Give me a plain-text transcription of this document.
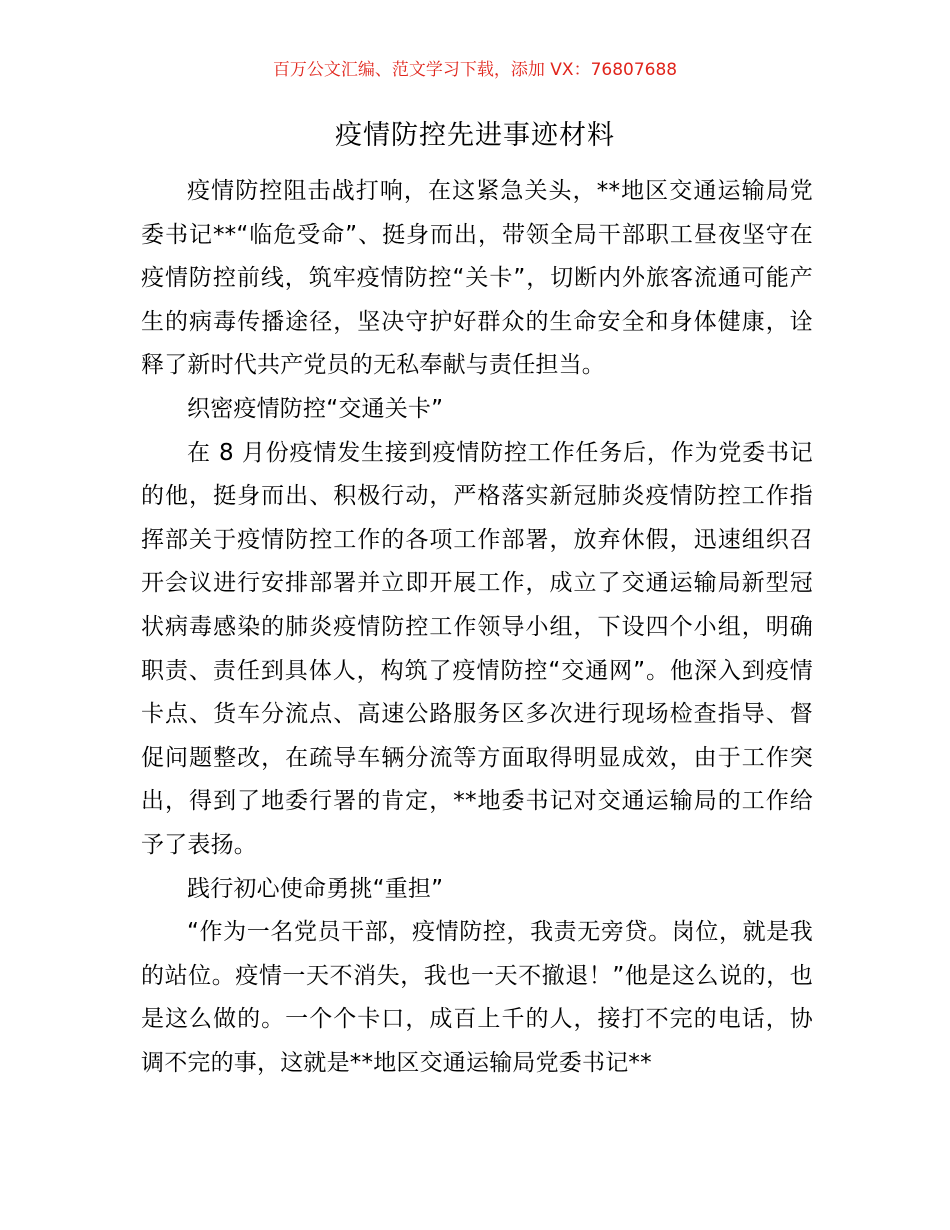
百万公文汇编、范文学习下载，添加 VX：76807688
疫情防控先进事迹材料

疫情防控阻击战打响，在这紧急关头，**地区交通运输局党委书记**“临危受命”、挺身而出，带领全局干部职工昼夜坚守在疫情防控前线，筑牢疫情防控“关卡”，切断内外旅客流通可能产生的病毒传播途径，坚决守护好群众的生命安全和身体健康，诠释了新时代共产党员的无私奉献与责任担当。

织密疫情防控“交通关卡”

在 8 月份疫情发生接到疫情防控工作任务后，作为党委书记的他，挺身而出、积极行动，严格落实新冠肺炎疫情防控工作指挥部关于疫情防控工作的各项工作部署，放弃休假，迅速组织召开会议进行安排部署并立即开展工作，成立了交通运输局新型冠状病毒感染的肺炎疫情防控工作领导小组，下设四个小组，明确职责、责任到具体人，构筑了疫情防控“交通网”。他深入到疫情卡点、货车分流点、高速公路服务区多次进行现场检查指导、督促问题整改，在疏导车辆分流等方面取得明显成效，由于工作突出，得到了地委行署的肯定，**地委书记对交通运输局的工作给予了表扬。

践行初心使命勇挑“重担”

“作为一名党员干部，疫情防控，我责无旁贷。岗位，就是我的站位。疫情一天不消失，我也一天不撤退！”他是这么说的，也是这么做的。一个个卡口，成百上千的人，接打不完的电话，协调不完的事，这就是**地区交通运输局党委书记**
